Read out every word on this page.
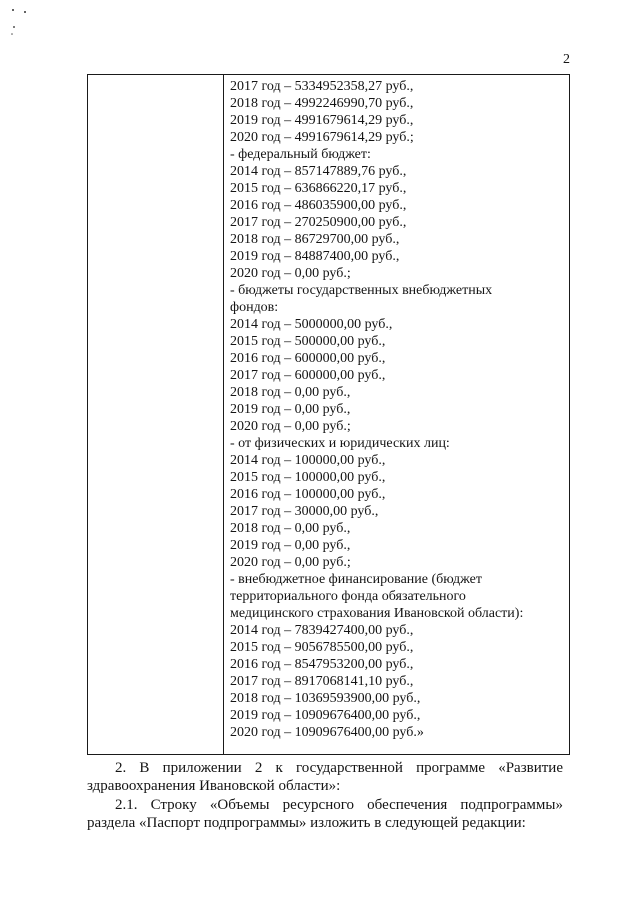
2
2017 год – 5334952358,27 руб.,
2018 год – 4992246990,70 руб.,
2019 год – 4991679614,29 руб.,
2020 год – 4991679614,29 руб.;
- федеральный бюджет:
2014 год – 857147889,76 руб.,
2015 год – 636866220,17 руб.,
2016 год – 486035900,00 руб.,
2017 год – 270250900,00 руб.,
2018 год – 86729700,00 руб.,
2019 год – 84887400,00 руб.,
2020 год – 0,00 руб.;
- бюджеты государственных внебюджетных
фондов:
2014 год – 5000000,00 руб.,
2015 год – 500000,00 руб.,
2016 год – 600000,00 руб.,
2017 год – 600000,00 руб.,
2018 год – 0,00 руб.,
2019 год – 0,00 руб.,
2020 год – 0,00 руб.;
- от физических и юридических лиц:
2014 год – 100000,00 руб.,
2015 год – 100000,00 руб.,
2016 год – 100000,00 руб.,
2017 год – 30000,00 руб.,
2018 год – 0,00 руб.,
2019 год – 0,00 руб.,
2020 год – 0,00 руб.;
- внебюджетное финансирование (бюджет
территориального фонда обязательного
медицинского страхования Ивановской области):
2014 год – 7839427400,00 руб.,
2015 год – 9056785500,00 руб.,
2016 год – 8547953200,00 руб.,
2017 год – 8917068141,10 руб.,
2018 год – 10369593900,00 руб.,
2019 год – 10909676400,00 руб.,
2020 год – 10909676400,00 руб.»
2. В приложении 2 к государственной программе «Развитие
здравоохранения Ивановской области»:
2.1. Строку «Объемы ресурсного обеспечения подпрограммы»
раздела «Паспорт подпрограммы» изложить в следующей редакции:
